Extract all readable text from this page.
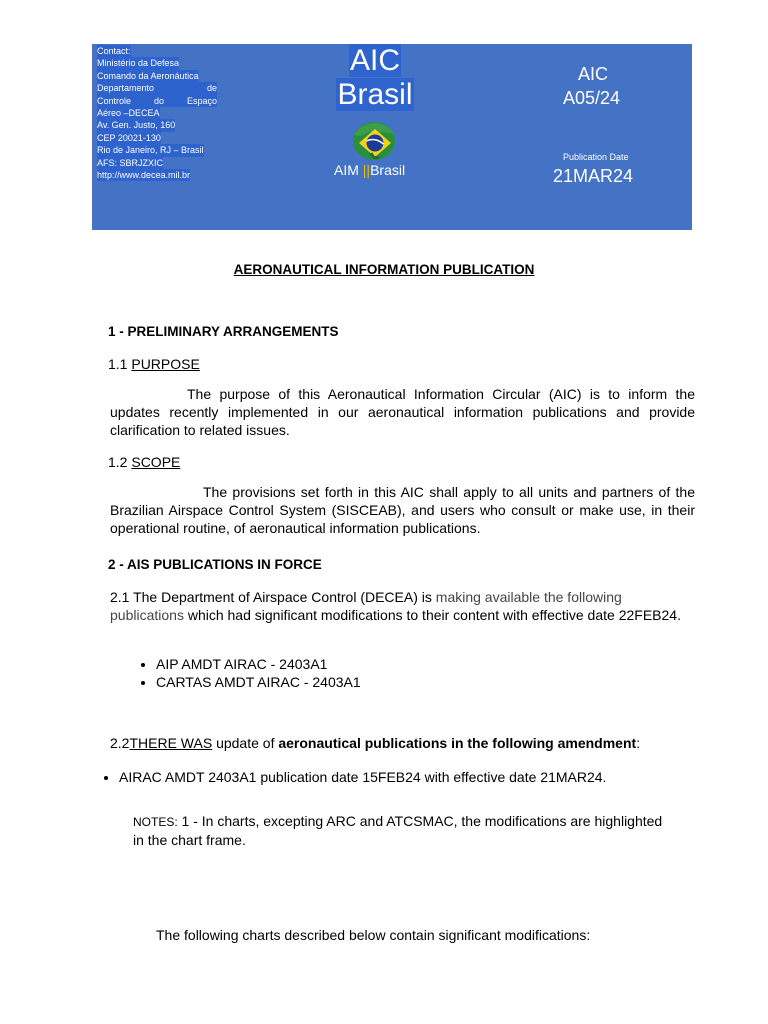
Contact:
Ministério da Defesa
Comando da Aeronáutica
Departamento de
Controle do Espaço
Aéreo –DECEA
Av. Gen. Justo, 160
CEP 20021-130
Rio de Janeiro, RJ – Brasil
AFS: SBRJZXIC
http://www.decea.mil.br
AIC
Brasil
AIM ||Brasil
AIC
A05/24
Publication Date
21MAR24
AERONAUTICAL INFORMATION PUBLICATION
1 - PRELIMINARY ARRANGEMENTS
1.1 PURPOSE
The purpose of this Aeronautical Information Circular (AIC) is to inform the updates recently implemented in our aeronautical information publications and provide clarification to related issues.
1.2 SCOPE
The provisions set forth in this AIC shall apply to all units and partners of the Brazilian Airspace Control System (SISCEAB), and users who consult or make use, in their operational routine, of aeronautical information publications.
2 - AIS PUBLICATIONS IN FORCE
2.1 The Department of Airspace Control (DECEA) is making available the following publications which had significant modifications to their content with effective date 22FEB24.
• AIP AMDT AIRAC - 2403A1
• CARTAS AMDT AIRAC - 2403A1
2.2THERE WAS update of aeronautical publications in the following amendment:
• AIRAC AMDT 2403A1 publication date 15FEB24 with effective date 21MAR24.
NOTES: 1 - In charts, excepting ARC and ATCSMAC, the modifications are highlighted in the chart frame.
The following charts described below contain significant modifications:
